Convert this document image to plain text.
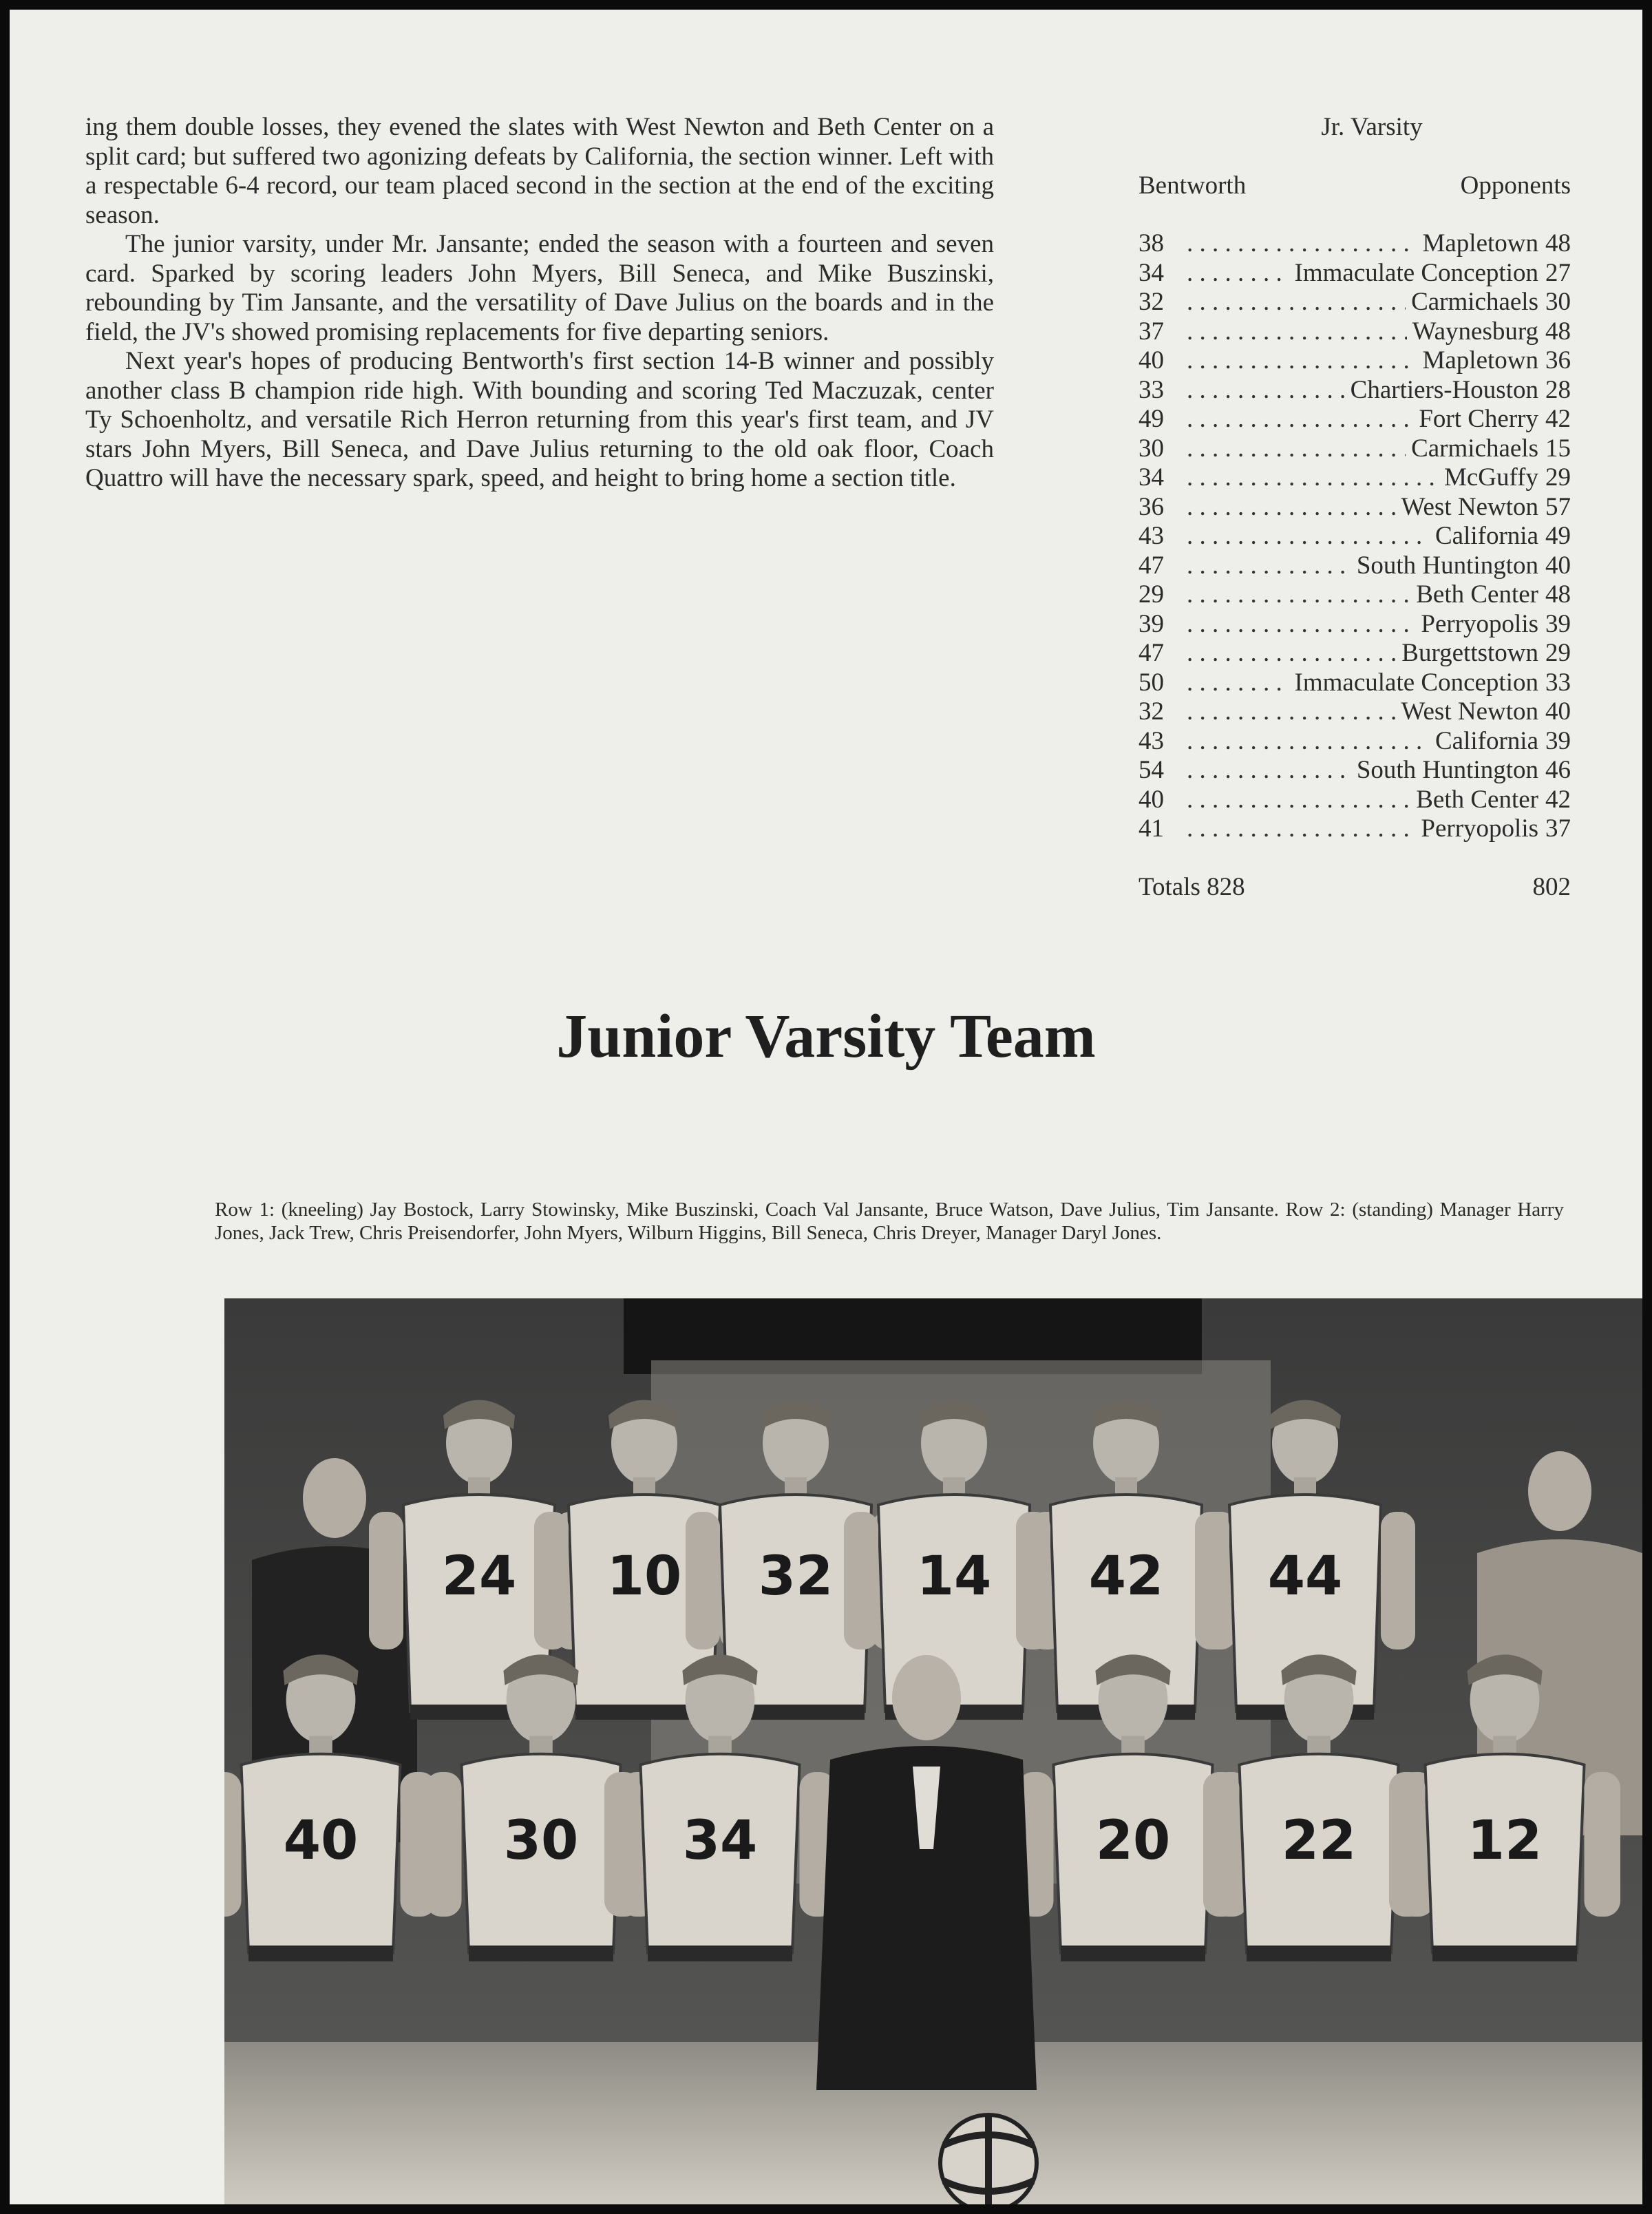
ing them double losses, they evened the slates with West Newton and Beth Center on a split card; but suffered two agonizing defeats by California, the section winner. Left with a respectable 6-4 record, our team placed second in the section at the end of the exciting season.

The junior varsity, under Mr. Jansante; ended the season with a fourteen and seven card. Sparked by scoring leaders John Myers, Bill Seneca, and Mike Buszinski, rebounding by Tim Jansante, and the versatility of Dave Julius on the boards and in the field, the JV's showed promising replacements for five departing seniors.

Next year's hopes of producing Bentworth's first section 14-B winner and possibly another class B champion ride high. With bounding and scoring Ted Maczuzak, center Ty Schoenholtz, and versatile Rich Herron returning from this year's first team, and JV stars John Myers, Bill Seneca, and Dave Julius returning to the old oak floor, Coach Quattro will have the necessary spark, speed, and height to bring home a section title.

Jr. Varsity
Bentworth	Opponents
38 . . .	Mapletown 48
34 . . .	Immaculate Conception 27
32 . . .	Carmichaels 30
37 . . .	Waynesburg 48
40 . . .	Mapletown 36
33 . . .	Chartiers-Houston 28
49 . . .	Fort Cherry 42
30 . . .	Carmichaels 15
34 . . .	McGuffy 29
36 . . .	West Newton 57
43 . . .	California 49
47 . . .	South Huntington 40
29 . . .	Beth Center 48
39 . . .	Perryopolis 39
47 . . .	Burgettstown 29
50 . . .	Immaculate Conception 33
32 . . .	West Newton 40
43 . . .	California 39
54 . . .	South Huntington 46
40 . . .	Beth Center 42
41 . . .	Perryopolis 37
Totals 828	802
Junior Varsity Team

Row 1: (kneeling) Jay Bostock, Larry Stowinsky, Mike Buszinski, Coach Val Jansante, Bruce Watson, Dave Julius, Tim Jansante. Row 2: (standing) Manager Harry Jones, Jack Trew, Chris Preisendorfer, John Myers, Wilburn Higgins, Bill Seneca, Chris Dreyer, Manager Daryl Jones.

24 10 32 14 42 44
40	30 34	20 22 12
